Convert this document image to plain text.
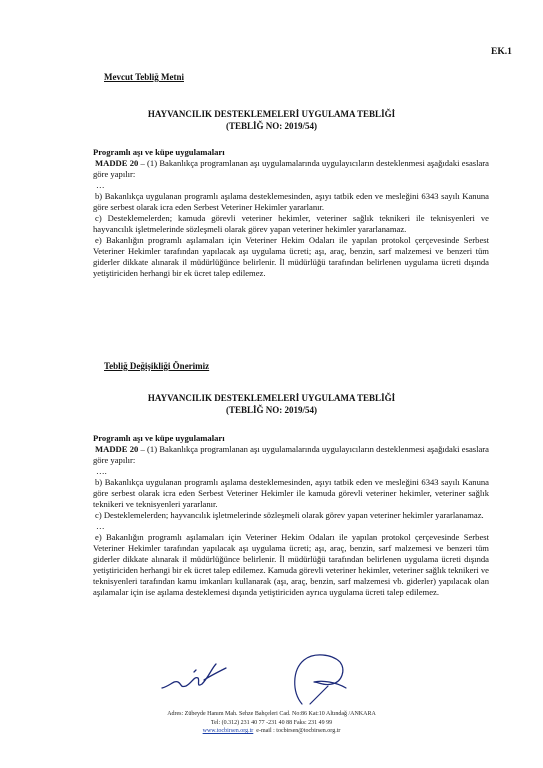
EK.1
Mevcut Tebliğ Metni
HAYVANCILIK DESTEKLEMELERİ UYGULAMA TEBLİĞİ
(TEBLİĞ NO: 2019/54)
Programlı aşı ve küpe uygulamaları

MADDE 20 – (1) Bakanlıkça programlanan aşı uygulamalarında uygulayıcıların desteklenmesi aşağıdaki esaslara göre yapılır:

…

b) Bakanlıkça uygulanan programlı aşılama desteklemesinden, aşıyı tatbik eden ve mesleğini 6343 sayılı Kanuna göre serbest olarak icra eden Serbest Veteriner Hekimler yararlanır.

c) Desteklemelerden; kamuda görevli veteriner hekimler, veteriner sağlık teknikeri ile teknisyenleri ve hayvancılık işletmelerinde sözleşmeli olarak görev yapan veteriner hekimler yararlanamaz.

e) Bakanlığın programlı aşılamaları için Veteriner Hekim Odaları ile yapılan protokol çerçevesinde Serbest Veteriner Hekimler tarafından yapılacak aşı uygulama ücreti; aşı, araç, benzin, sarf malzemesi ve benzeri tüm giderler dikkate alınarak il müdürlüğünce belirlenir. İl müdürlüğü tarafından belirlenen uygulama ücreti dışında yetiştiriciden herhangi bir ek ücret talep edilemez.

Tebliğ Değişikliği Önerimiz
HAYVANCILIK DESTEKLEMELERİ UYGULAMA TEBLİĞİ
(TEBLİĞ NO: 2019/54)
Programlı aşı ve küpe uygulamaları

MADDE 20 – (1) Bakanlıkça programlanan aşı uygulamalarında uygulayıcıların desteklenmesi aşağıdaki esaslara göre yapılır:

….

b) Bakanlıkça uygulanan programlı aşılama desteklemesinden, aşıyı tatbik eden ve mesleğini 6343 sayılı Kanuna göre serbest olarak icra eden Serbest Veteriner Hekimler ile kamuda görevli veteriner hekimler, veteriner sağlık teknikeri ve teknisyenleri yararlanır.

c) Desteklemelerden; hayvancılık işletmelerinde sözleşmeli olarak görev yapan veteriner hekimler yararlanamaz.

…

e) Bakanlığın programlı aşılamaları için Veteriner Hekim Odaları ile yapılan protokol çerçevesinde Serbest Veteriner Hekimler tarafından yapılacak aşı uygulama ücreti; aşı, araç, benzin, sarf malzemesi ve benzeri tüm giderler dikkate alınarak il müdürlüğünce belirlenir. İl müdürlüğü tarafından belirlenen uygulama ücreti dışında yetiştiriciden herhangi bir ek ücret talep edilemez. Kamuda görevli veteriner hekimler, veteriner sağlık teknikeri ve teknisyenleri tarafından kamu imkanları kullanarak (aşı, araç, benzin, sarf malzemesi vb. giderler) yapılacak olan aşılamalar için ise aşılama desteklemesi dışında yetiştiriciden ayrıca uygulama ücreti talep edilemez.

Adres: Zübeyde Hanım Mah. Sehze Bahçeleri Cad. No:86 Kat:10 Altındağ /ANKARA
Tel: (0.312) 231 40 77 -231 40 88 Faks: 231 49 99
www.tocbirsen.org.tr e-mail : tocbirsen@tocbirsen.org.tr
